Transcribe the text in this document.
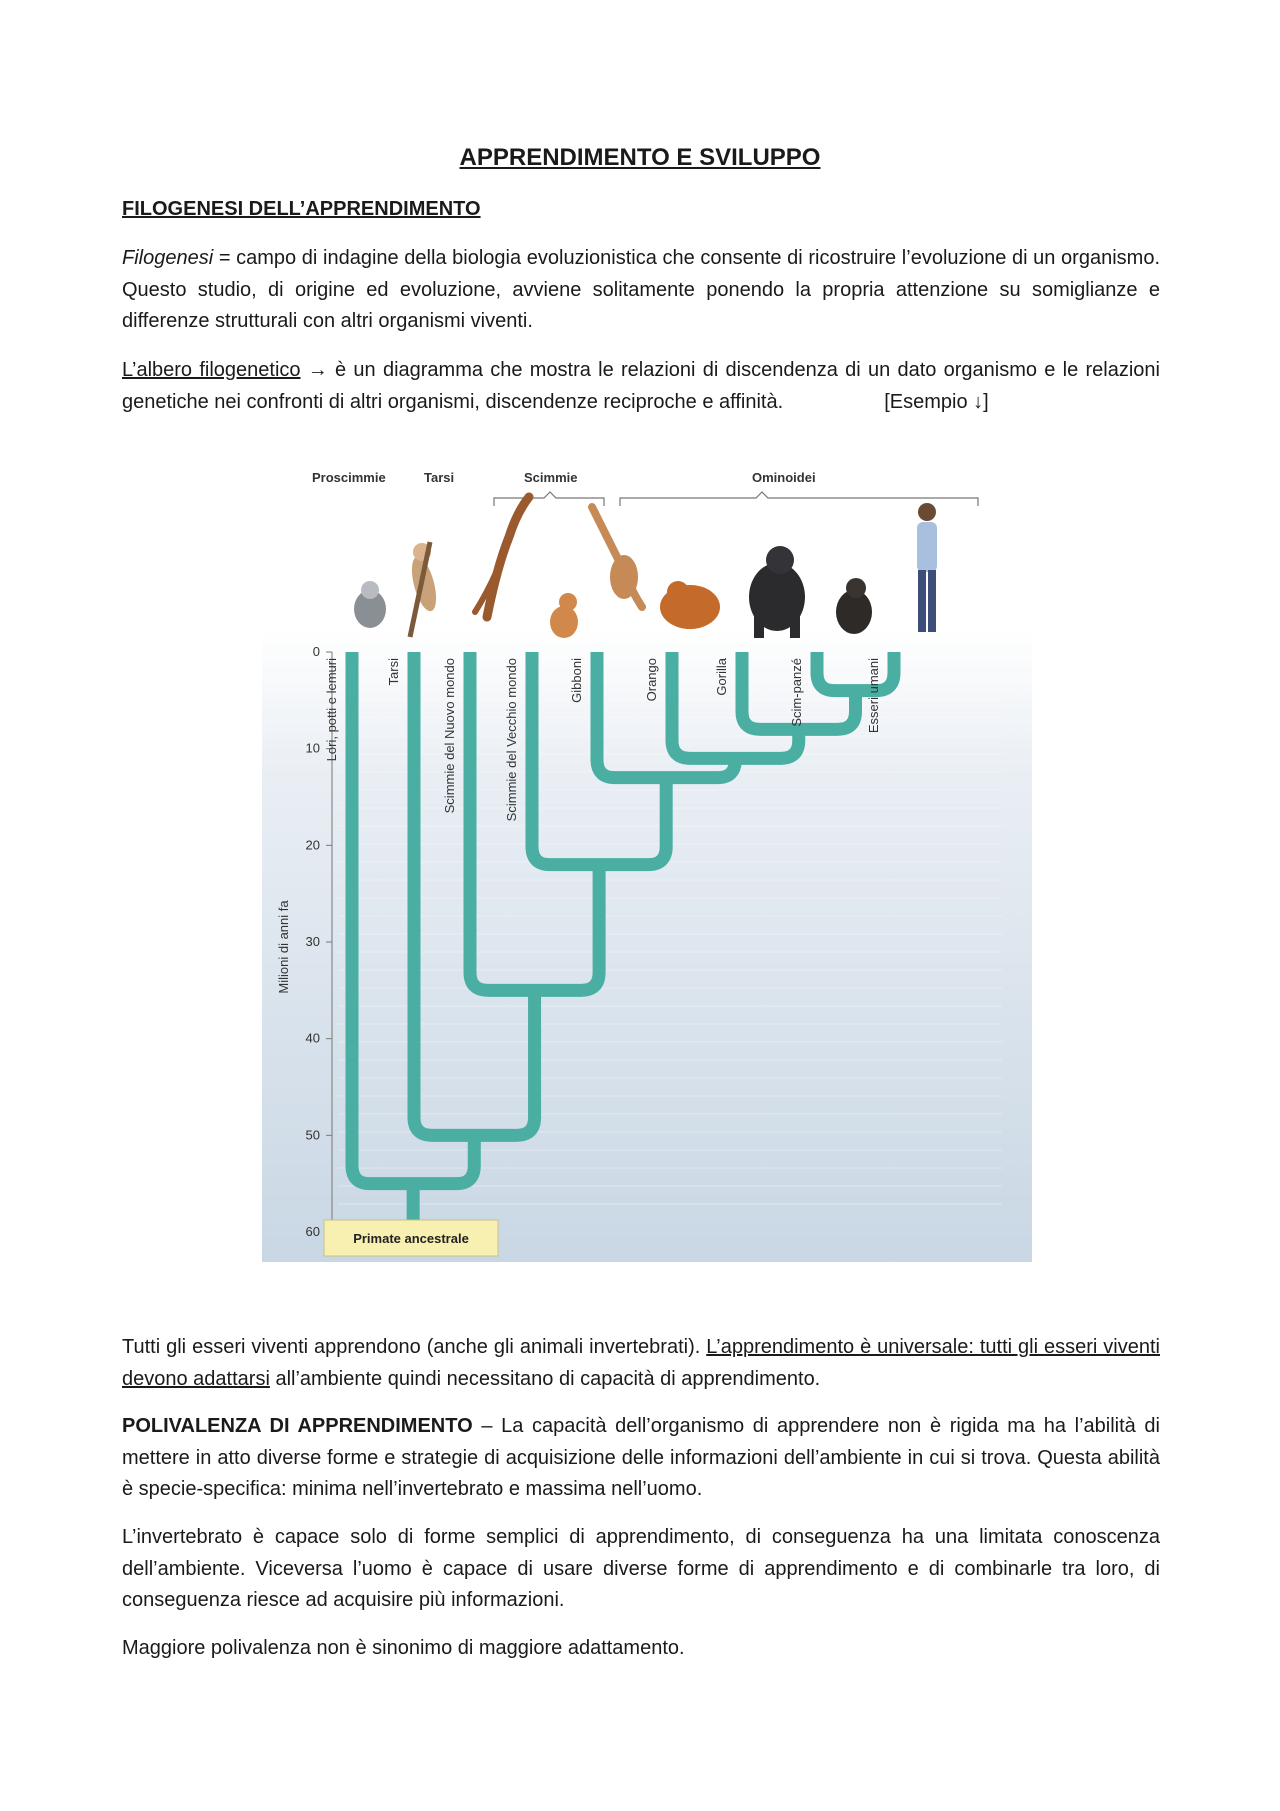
APPRENDIMENTO E SVILUPPO
FILOGENESI DELL’APPRENDIMENTO
Filogenesi = campo di indagine della biologia evoluzionistica che consente di ricostruire l’evoluzione di un organismo. Questo studio, di origine ed evoluzione, avviene solitamente ponendo la propria attenzione su somiglianze e differenze strutturali con altri organismi viventi.
L’albero filogenetico → è un diagramma che mostra le relazioni di discendenza di un dato organismo e le relazioni genetiche nei confronti di altri organismi, discendenze reciproche e affinità.	[Esempio ↓]
Proscimmie	Tarsi	Scimmie	Ominoidei
0
10
20
30
40
50
60
Milioni di anni fa
Lori, potti e lemuri	Tarsi	Scimmie del Nuovo mondo	Scimmie del Vecchio mondo	Gibboni	Orango	Gorilla	Scim-panzé	Esseri umani
Primate ancestrale
Tutti gli esseri viventi apprendono (anche gli animali invertebrati). L’apprendimento è universale: tutti gli esseri viventi devono adattarsi all’ambiente quindi necessitano di capacità di apprendimento.
POLIVALENZA DI APPRENDIMENTO – La capacità dell’organismo di apprendere non è rigida ma ha l’abilità di mettere in atto diverse forme e strategie di acquisizione delle informazioni dell’ambiente in cui si trova. Questa abilità è specie-specifica: minima nell’invertebrato e massima nell’uomo.
L’invertebrato è capace solo di forme semplici di apprendimento, di conseguenza ha una limitata conoscenza dell’ambiente. Viceversa l’uomo è capace di usare diverse forme di apprendimento e di combinarle tra loro, di conseguenza riesce ad acquisire più informazioni.
Maggiore polivalenza non è sinonimo di maggiore adattamento.
